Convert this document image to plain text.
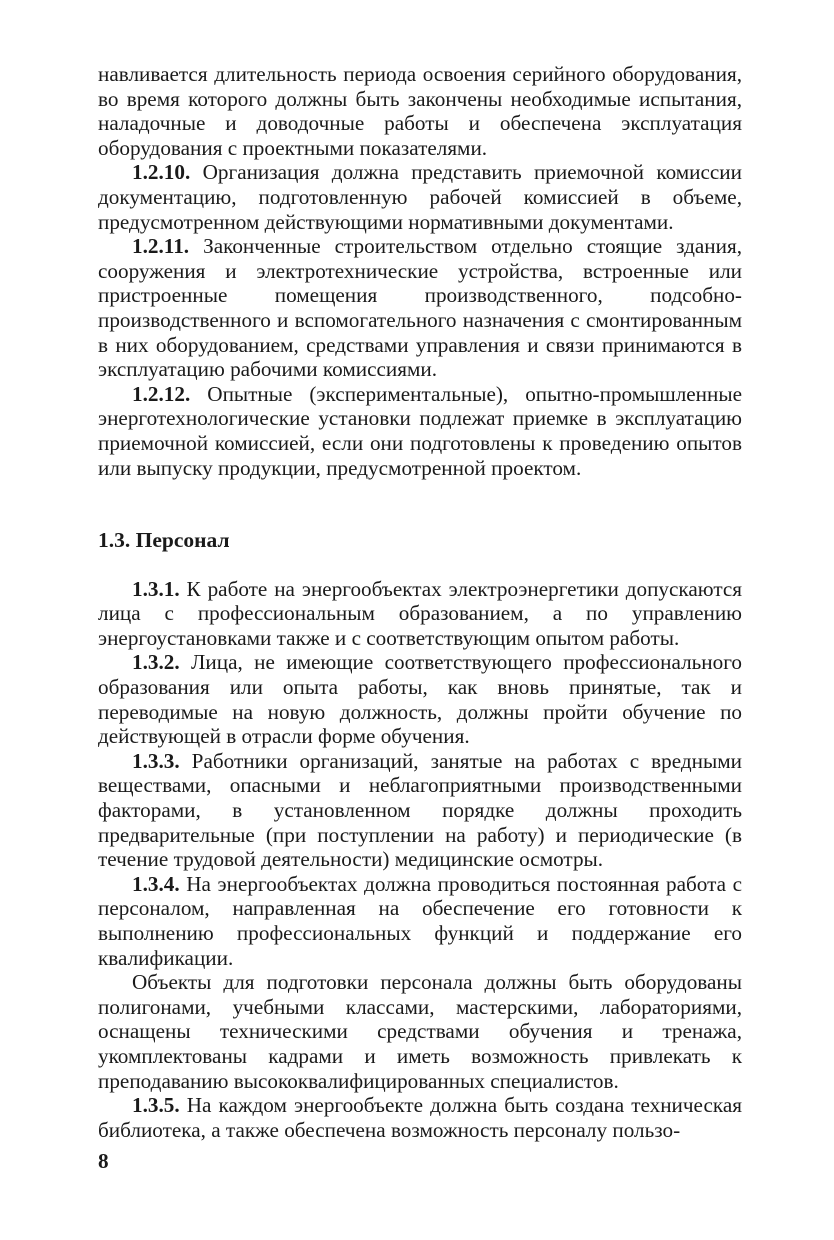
навливается длительность периода освоения серийного оборудования, во время которого должны быть закончены необходимые испытания, наладочные и доводочные работы и обеспечена эксплуатация оборудования с проектными показателями.

1.2.10. Организация должна представить приемочной комиссии документацию, подготовленную рабочей комиссией в объеме, предусмотренном действующими нормативными документами.

1.2.11. Законченные строительством отдельно стоящие здания, сооружения и электротехнические устройства, встроенные или пристроенные помещения производственного, подсобно-производственного и вспомогательного назначения с смонтированным в них оборудованием, средствами управления и связи принимаются в эксплуатацию рабочими комиссиями.

1.2.12. Опытные (экспериментальные), опытно-промышленные энерготехнологические установки подлежат приемке в эксплуатацию приемочной комиссией, если они подготовлены к проведению опытов или выпуску продукции, предусмотренной проектом.

1.3. Персонал

1.3.1. К работе на энергообъектах электроэнергетики допускаются лица с профессиональным образованием, а по управлению энергоустановками также и с соответствующим опытом работы.

1.3.2. Лица, не имеющие соответствующего профессионального образования или опыта работы, как вновь принятые, так и переводимые на новую должность, должны пройти обучение по действующей в отрасли форме обучения.

1.3.3. Работники организаций, занятые на работах с вредными веществами, опасными и неблагоприятными производственными факторами, в установленном порядке должны проходить предварительные (при поступлении на работу) и периодические (в течение трудовой деятельности) медицинские осмотры.

1.3.4. На энергообъектах должна проводиться постоянная работа с персоналом, направленная на обеспечение его готовности к выполнению профессиональных функций и поддержание его квалификации.

Объекты для подготовки персонала должны быть оборудованы полигонами, учебными классами, мастерскими, лабораториями, оснащены техническими средствами обучения и тренажа, укомплектованы кадрами и иметь возможность привлекать к преподаванию высококвалифицированных специалистов.

1.3.5. На каждом энергообъекте должна быть создана техническая библиотека, а также обеспечена возможность персоналу пользо-

8
